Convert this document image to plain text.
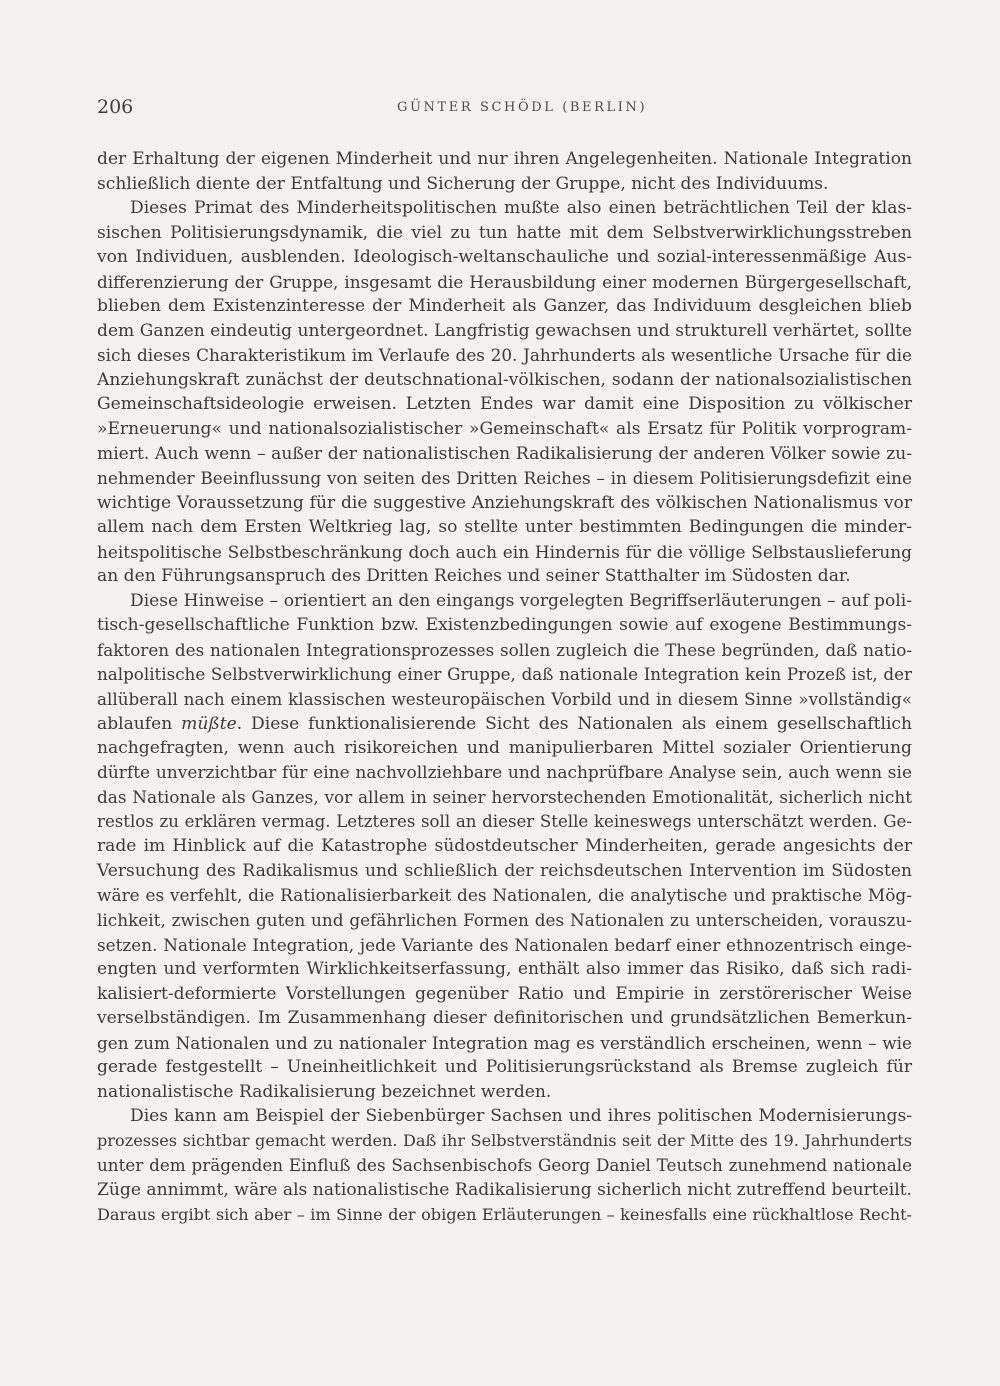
206	GÜNTER SCHÖDL (BERLIN)
der Erhaltung der eigenen Minderheit und nur ihren Angelegenheiten. Nationale Integration
schließlich diente der Entfaltung und Sicherung der Gruppe, nicht des Individuums.
Dieses Primat des Minderheitspolitischen mußte also einen beträchtlichen Teil der klas-
sischen Politisierungsdynamik, die viel zu tun hatte mit dem Selbstverwirklichungsstreben
von Individuen, ausblenden. Ideologisch-weltanschauliche und sozial-interessenmäßige Aus-
differenzierung der Gruppe, insgesamt die Herausbildung einer modernen Bürgergesellschaft,
blieben dem Existenzinteresse der Minderheit als Ganzer, das Individuum desgleichen blieb
dem Ganzen eindeutig untergeordnet. Langfristig gewachsen und strukturell verhärtet, sollte
sich dieses Charakteristikum im Verlaufe des 20. Jahrhunderts als wesentliche Ursache für die
Anziehungskraft zunächst der deutschnational-völkischen, sodann der nationalsozialistischen
Gemeinschaftsideologie erweisen. Letzten Endes war damit eine Disposition zu völkischer
»Erneuerung« und nationalsozialistischer »Gemeinschaft« als Ersatz für Politik vorprogram-
miert. Auch wenn – außer der nationalistischen Radikalisierung der anderen Völker sowie zu-
nehmender Beeinflussung von seiten des Dritten Reiches – in diesem Politisierungsdefizit eine
wichtige Voraussetzung für die suggestive Anziehungskraft des völkischen Nationalismus vor
allem nach dem Ersten Weltkrieg lag, so stellte unter bestimmten Bedingungen die minder-
heitspolitische Selbstbeschränkung doch auch ein Hindernis für die völlige Selbstauslieferung
an den Führungsanspruch des Dritten Reiches und seiner Statthalter im Südosten dar.
Diese Hinweise – orientiert an den eingangs vorgelegten Begriffserläuterungen – auf poli-
tisch-gesellschaftliche Funktion bzw. Existenzbedingungen sowie auf exogene Bestimmungs-
faktoren des nationalen Integrationsprozesses sollen zugleich die These begründen, daß natio-
nalpolitische Selbstverwirklichung einer Gruppe, daß nationale Integration kein Prozeß ist, der
allüberall nach einem klassischen westeuropäischen Vorbild und in diesem Sinne »vollständig«
ablaufen müßte. Diese funktionalisierende Sicht des Nationalen als einem gesellschaftlich
nachgefragten, wenn auch risikoreichen und manipulierbaren Mittel sozialer Orientierung
dürfte unverzichtbar für eine nachvollziehbare und nachprüfbare Analyse sein, auch wenn sie
das Nationale als Ganzes, vor allem in seiner hervorstechenden Emotionalität, sicherlich nicht
restlos zu erklären vermag. Letzteres soll an dieser Stelle keineswegs unterschätzt werden. Ge-
rade im Hinblick auf die Katastrophe südostdeutscher Minderheiten, gerade angesichts der
Versuchung des Radikalismus und schließlich der reichsdeutschen Intervention im Südosten
wäre es verfehlt, die Rationalisierbarkeit des Nationalen, die analytische und praktische Mög-
lichkeit, zwischen guten und gefährlichen Formen des Nationalen zu unterscheiden, vorauszu-
setzen. Nationale Integration, jede Variante des Nationalen bedarf einer ethnozentrisch einge-
engten und verformten Wirklichkeitserfassung, enthält also immer das Risiko, daß sich radi-
kalisiert-deformierte Vorstellungen gegenüber Ratio und Empirie in zerstörerischer Weise
verselbständigen. Im Zusammenhang dieser definitorischen und grundsätzlichen Bemerkun-
gen zum Nationalen und zu nationaler Integration mag es verständlich erscheinen, wenn – wie
gerade festgestellt – Uneinheitlichkeit und Politisierungsrückstand als Bremse zugleich für
nationalistische Radikalisierung bezeichnet werden.
Dies kann am Beispiel der Siebenbürger Sachsen und ihres politischen Modernisierungs-
prozesses sichtbar gemacht werden. Daß ihr Selbstverständnis seit der Mitte des 19. Jahrhunderts
unter dem prägenden Einfluß des Sachsenbischofs Georg Daniel Teutsch zunehmend nationale
Züge annimmt, wäre als nationalistische Radikalisierung sicherlich nicht zutreffend beurteilt.
Daraus ergibt sich aber – im Sinne der obigen Erläuterungen – keinesfalls eine rückhaltlose Recht-
